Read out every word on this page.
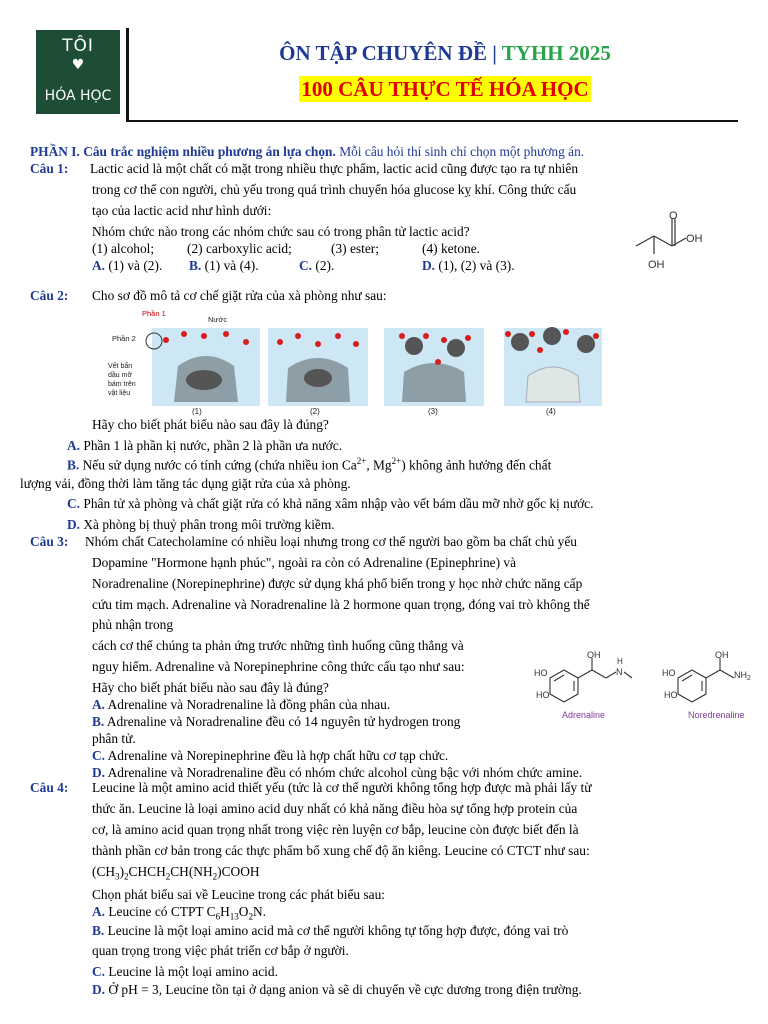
TÔI
♥
HÓA HỌC
ÔN TẬP CHUYÊN ĐỀ | TYHH 2025
100 CÂU THỰC TẾ HÓA HỌC
PHẦN I. Câu trắc nghiệm nhiều phương án lựa chọn. Mỗi câu hỏi thí sinh chỉ chọn một phương án.
Câu 1: Lactic acid là một chất có mặt trong nhiều thực phẩm, lactic acid cũng được tạo ra tự nhiên
trong cơ thể con người, chủ yếu trong quá trình chuyển hóa glucose kỵ khí. Công thức cấu
tạo của lactic acid như hình dưới:
Nhóm chức nào trong các nhóm chức sau có trong phân tử lactic acid?
(1) alcohol; (2) carboxylic acid;	(3) ester;	(4) ketone.
A. (1) và (2). B. (1) và (4).	C. (2).	D. (1), (2) và (3).
O
OH
OH
Câu 2: Cho sơ đồ mô tả cơ chế giặt rửa của xà phòng như sau:
Phần 1
Nước
Phần 2
Vết bẩn
dầu mỡ
bám trên
vật liệu
(1)	(2)	(3)	(4)
Hãy cho biết phát biểu nào sau đây là đúng?
A. Phần 1 là phần kị nước, phần 2 là phần ưa nước.
B. Nếu sử dụng nước có tính cứng (chứa nhiều ion $Ca^{2+}$, $Mg^{2+}$) không ảnh hưởng đến chất
lượng vải, đồng thời làm tăng tác dụng giặt rửa của xà phòng.
C. Phân tử xà phòng và chất giặt rửa có khả năng xâm nhập vào vết bám dầu mỡ nhờ gốc kị nước.
D. Xà phòng bị thuỷ phân trong môi trường kiềm.
Câu 3: Nhóm chất Catecholamine có nhiều loại nhưng trong cơ thể người bao gồm ba chất chủ yếu
Dopamine "Hormone hạnh phúc", ngoài ra còn có Adrenaline (Epinephrine) và
Noradrenaline (Norepinephrine) được sử dụng khá phổ biến trong y học nhờ chức năng cấp
cứu tim mạch. Adrenaline và Noradrenaline là 2 hormone quan trọng, đóng vai trò không thể
phủ nhận trong
cách cơ thể chúng ta phản ứng trước những tình huống cũng thẳng và
nguy hiểm. Adrenaline và Norepinephrine công thức cấu tạo như sau:
Hãy cho biết phát biểu nào sau đây là đúng?
A. Adrenaline và Noradrenaline là đồng phân của nhau.
B. Adrenaline và Noradrenaline đều có 14 nguyên tử hydrogen trong
phân tử.
C. Adrenaline và Norepinephrine đều là hợp chất hữu cơ tạp chức.
D. Adrenaline và Noradrenaline đều có nhóm chức alcohol cùng bậc với nhóm chức amine.
HO
HO
OH
N
H
Adrenaline
HO
HO
OH
$NH_2$
Noredrenaline
Câu 4: Leucine là một amino acid thiết yếu (tức là cơ thể người không tổng hợp được mà phải lấy từ
thức ăn. Leucine là loại amino acid duy nhất có khả năng điều hòa sự tổng hợp protein của
cơ, là amino acid quan trọng nhất trong việc rèn luyện cơ bắp, leucine còn được biết đến là
thành phần cơ bản trong các thực phẩm bổ xung chế độ ăn kiêng. Leucine có CTCT như sau:
$(CH_3)_2CHCH_2CH(NH_2)COOH$
Chọn phát biểu sai về Leucine trong các phát biểu sau:
A. Leucine có CTPT $C_6H_{13}O_2N$.
B. Leucine là một loại amino acid mà cơ thể người không tự tổng hợp được, đóng vai trò
quan trọng trong việc phát triển cơ bắp ở người.
C. Leucine là một loại amino acid.
D. Ở pH = 3, Leucine tồn tại ở dạng anion và sẽ di chuyển về cực dương trong điện trường.
